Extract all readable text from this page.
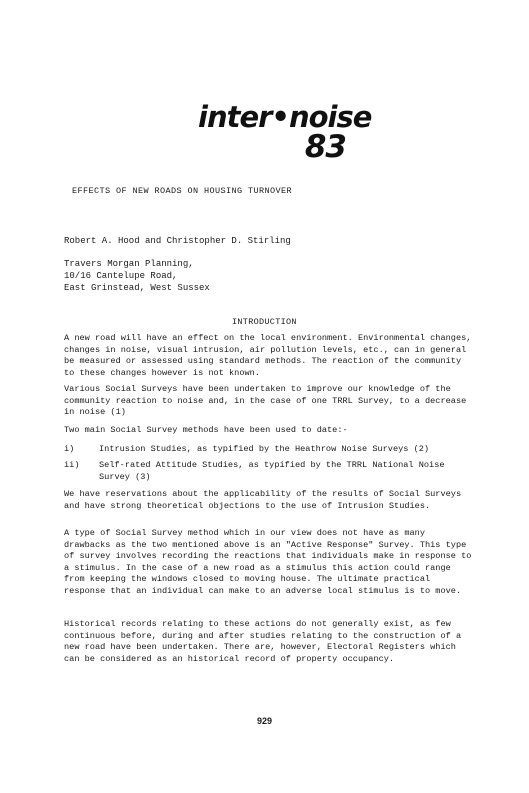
inter•noise
83
EFFECTS OF NEW ROADS ON HOUSING TURNOVER
Robert A. Hood and Christopher D. Stirling
Travers Morgan Planning,
10/16 Cantelupe Road,
East Grinstead, West Sussex
INTRODUCTION

A new road will have an effect on the local environment. Environmental changes, changes in noise, visual intrusion, air pollution levels, etc., can in general be measured or assessed using standard methods. The reaction of the community to these changes however is not known.

Various Social Surveys have been undertaken to improve our knowledge of the community reaction to noise and, in the case of one TRRL Survey, to a decrease in noise (1)

Two main Social Survey methods have been used to date:-

i)	Intrusion Studies, as typified by the Heathrow Noise Surveys (2)
ii)	Self-rated Attitude Studies, as typified by the TRRL National Noise Survey (3)

We have reservations about the applicability of the results of Social Surveys and have strong theoretical objections to the use of Intrusion Studies.

A type of Social Survey method which in our view does not have as many drawbacks as the two mentioned above is an "Active Response" Survey. This type of survey involves recording the reactions that individuals make in response to a stimulus. In the case of a new road as a stimulus this action could range from keeping the windows closed to moving house. The ultimate practical response that an individual can make to an adverse local stimulus is to move.

Historical records relating to these actions do not generally exist, as few continuous before, during and after studies relating to the construction of a new road have been undertaken. There are, however, Electoral Registers which can be considered as an historical record of property occupancy.

929
